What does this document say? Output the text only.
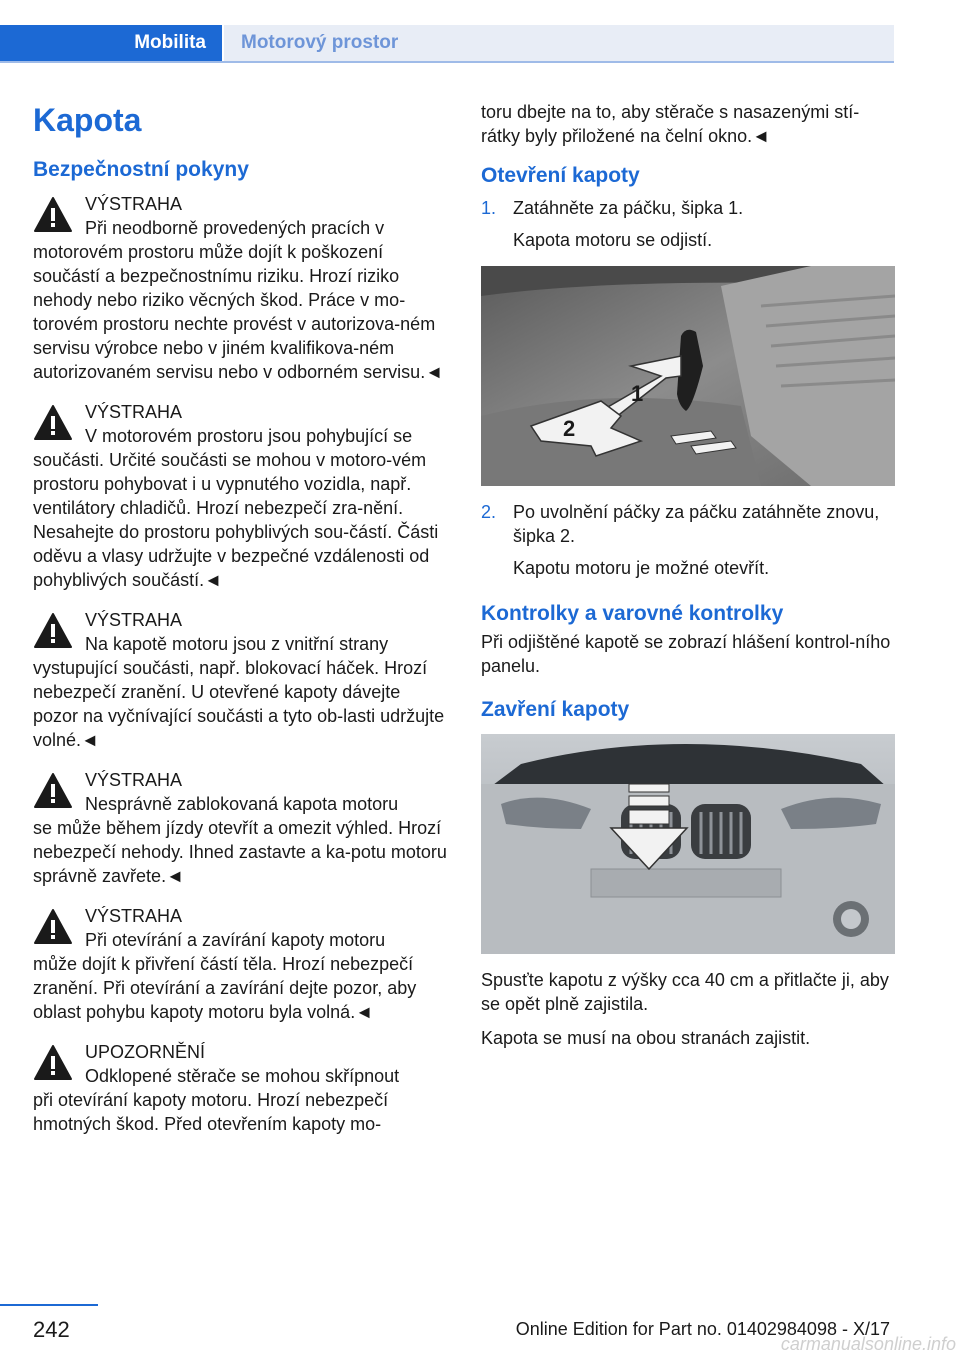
Mobilita	Motorový prostor
Kapota
Bezpečnostní pokyny
VÝSTRAHA
Při neodborně provedených pracích v
motorovém prostoru může dojít k poškození součástí a bezpečnostnímu riziku. Hrozí riziko nehody nebo riziko věcných škod. Práce v mo-torovém prostoru nechte provést v autorizova-ném servisu výrobce nebo v jiném kvalifikova-ném autorizovaném servisu nebo v odborném servisu.◄
VÝSTRAHA
V motorovém prostoru jsou pohybující se
součásti. Určité součásti se mohou v motoro-vém prostoru pohybovat i u vypnutého vozidla, např. ventilátory chladičů. Hrozí nebezpečí zra-nění. Nesahejte do prostoru pohyblivých sou-částí. Části oděvu a vlasy udržujte v bezpečné vzdálenosti od pohyblivých součástí.◄
VÝSTRAHA
Na kapotě motoru jsou z vnitřní strany
vystupující součásti, např. blokovací háček. Hrozí nebezpečí zranění. U otevřené kapoty dávejte pozor na vyčnívající součásti a tyto ob-lasti udržujte volné.◄
VÝSTRAHA
Nesprávně zablokovaná kapota motoru
se může během jízdy otevřít a omezit výhled. Hrozí nebezpečí nehody. Ihned zastavte a ka-potu motoru správně zavřete.◄
VÝSTRAHA
Při otevírání a zavírání kapoty motoru
může dojít k přivření částí těla. Hrozí nebezpečí zranění. Při otevírání a zavírání dejte pozor, aby oblast pohybu kapoty motoru byla volná.◄
UPOZORNĚNÍ
Odklopené stěrače se mohou skřípnout
při otevírání kapoty motoru. Hrozí nebezpečí hmotných škod. Před otevřením kapoty mo-

toru dbejte na to, aby stěrače s nasazenými stí-rátky byly přiložené na čelní okno.◄

Otevření kapoty
1. Zatáhněte za páčku, šipka 1.
Kapota motoru se odjistí.
1
2
2. Po uvolnění páčky za páčku zatáhněte znovu, šipka 2.
Kapotu motoru je možné otevřít.
Kontrolky a varovné kontrolky

Při odjištěné kapotě se zobrazí hlášení kontrol-ního panelu.

Zavření kapoty

Spusťte kapotu z výšky cca 40 cm a přitlačte ji, aby se opět plně zajistila.

Kapota se musí na obou stranách zajistit.

242	Online Edition for Part no. 01402984098 - X/17
carmanualsonline.info
